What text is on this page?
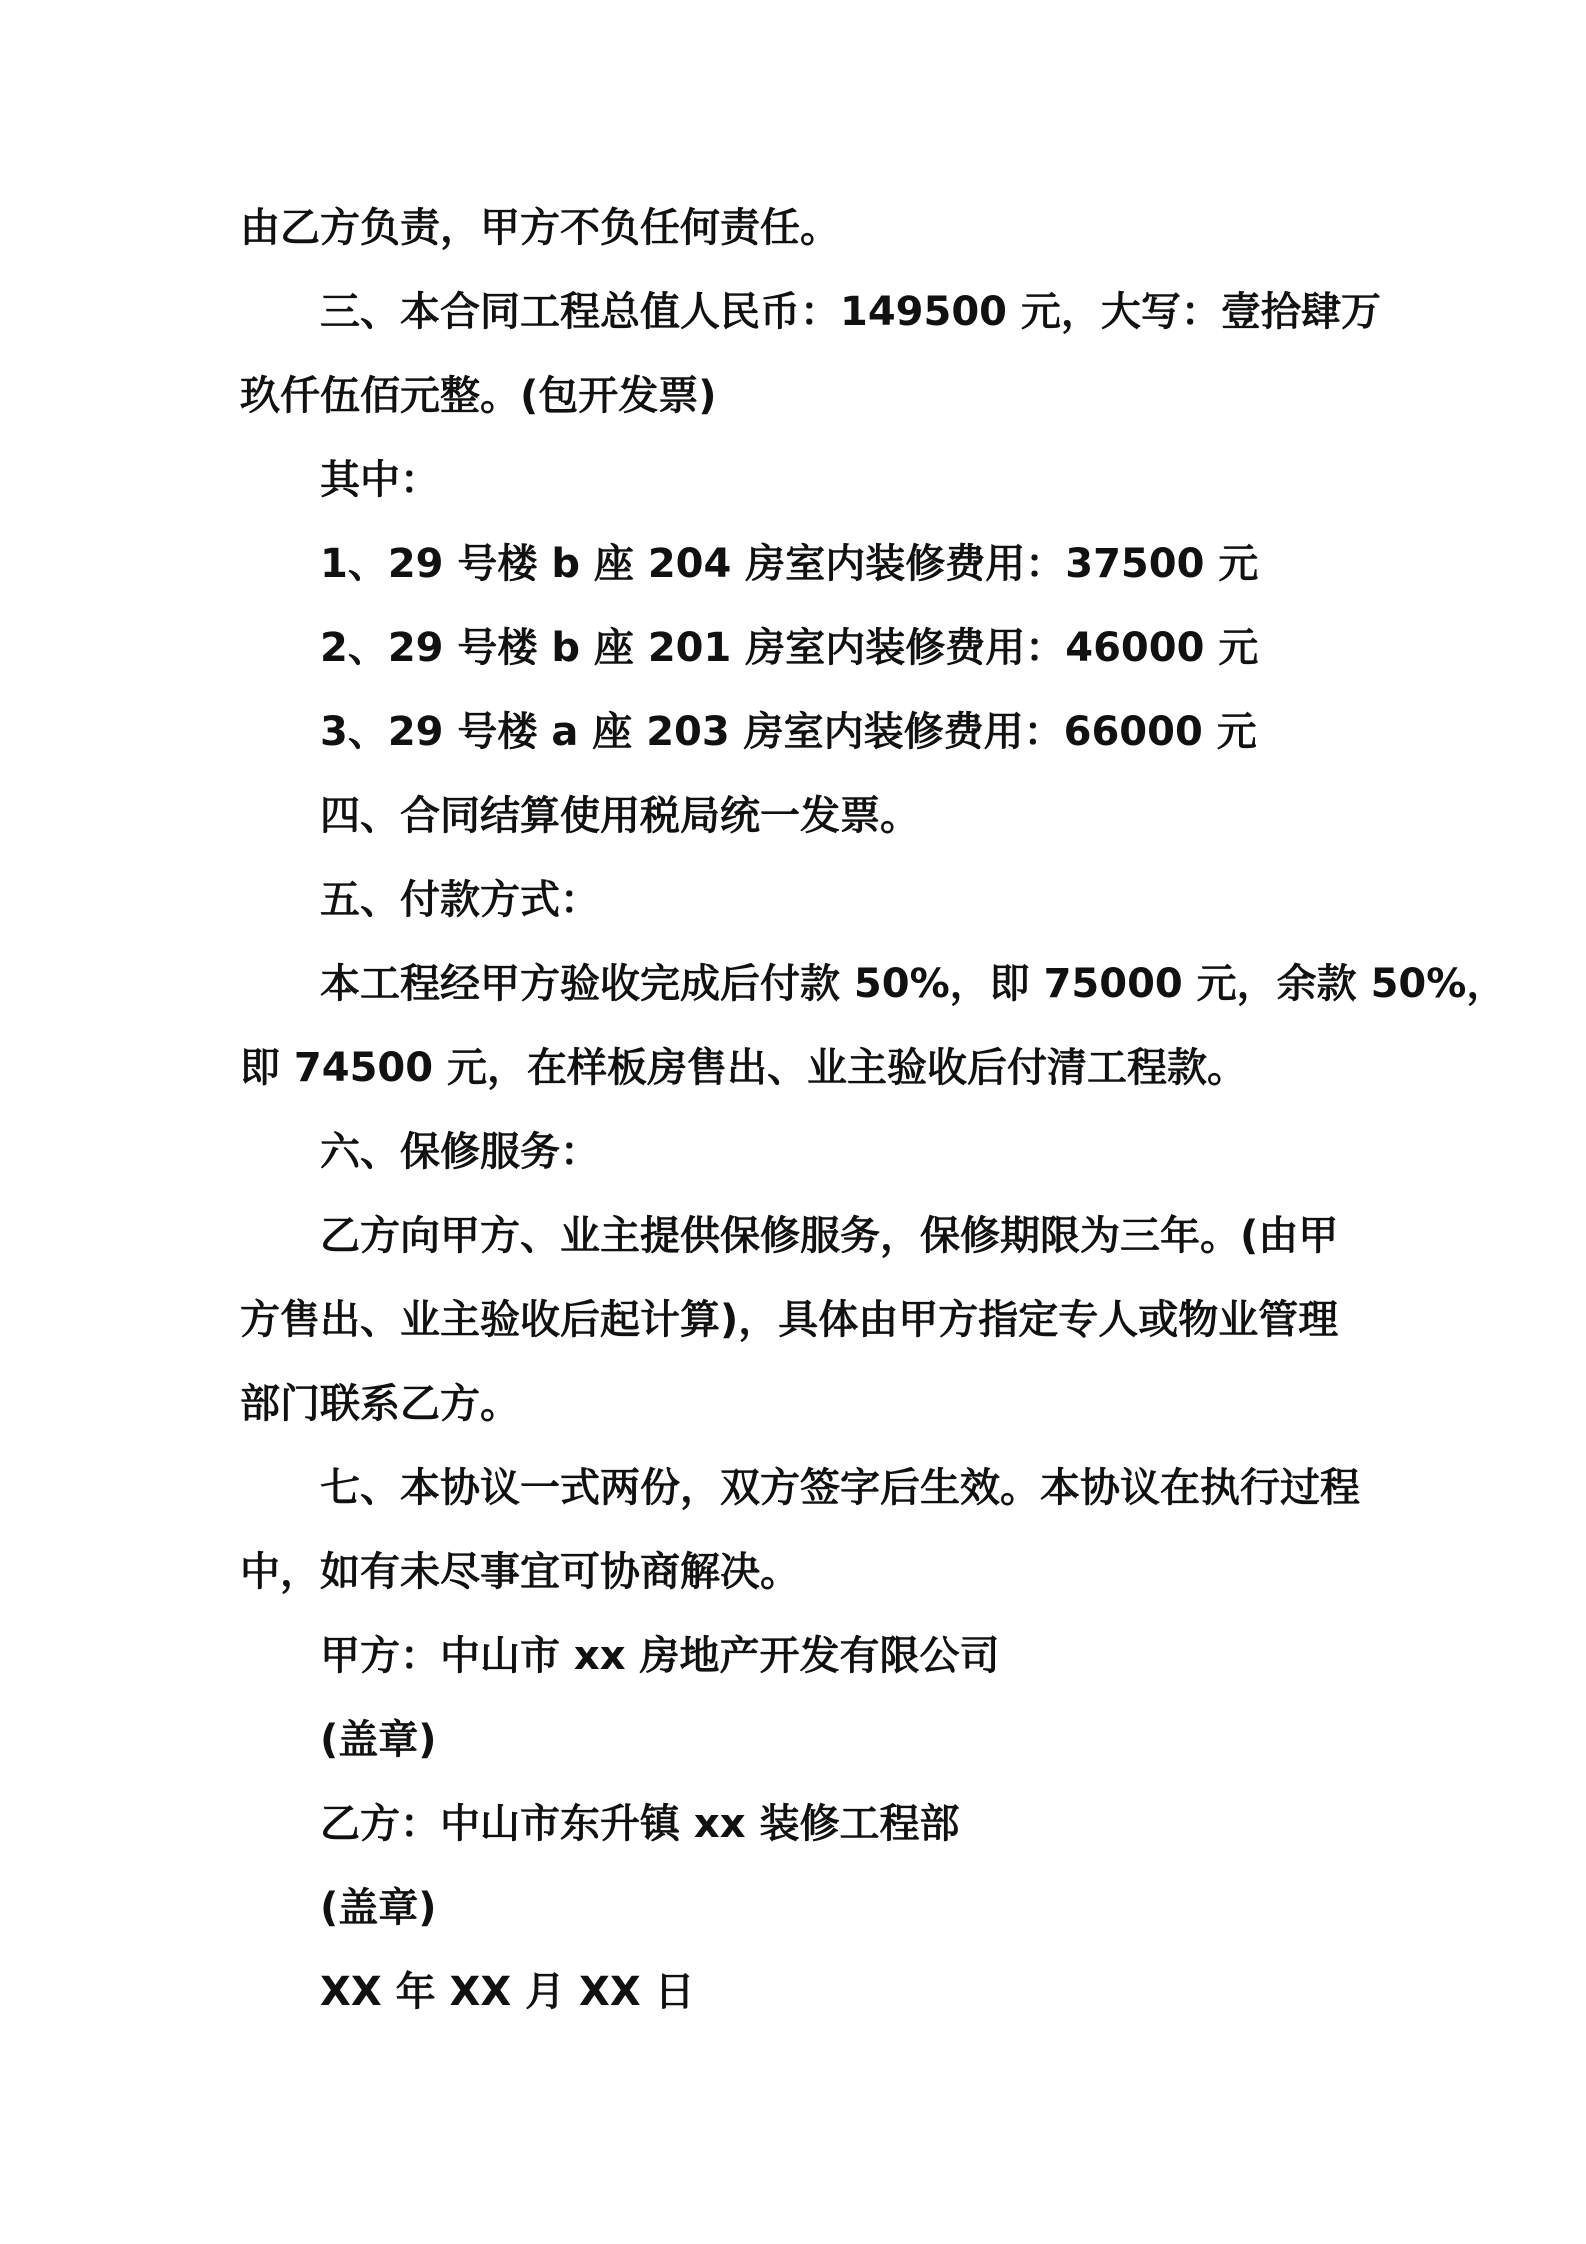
由乙方负责，甲方不负任何责任。
三、本合同工程总值人民币：149500 元，大写：壹拾肆万
玖仟伍佰元整。(包开发票)
其中：
1、29 号楼 b 座 204 房室内装修费用：37500 元
2、29 号楼 b 座 201 房室内装修费用：46000 元
3、29 号楼 a 座 203 房室内装修费用：66000 元
四、合同结算使用税局统一发票。
五、付款方式：
本工程经甲方验收完成后付款 50%，即 75000 元，余款 50%，
即 74500 元，在样板房售出、业主验收后付清工程款。
六、保修服务：
乙方向甲方、业主提供保修服务，保修期限为三年。(由甲
方售出、业主验收后起计算)，具体由甲方指定专人或物业管理
部门联系乙方。
七、本协议一式两份，双方签字后生效。本协议在执行过程
中，如有未尽事宜可协商解决。
甲方：中山市 xx 房地产开发有限公司
(盖章)
乙方：中山市东升镇 xx 装修工程部
(盖章)
XX 年 XX 月 XX 日
